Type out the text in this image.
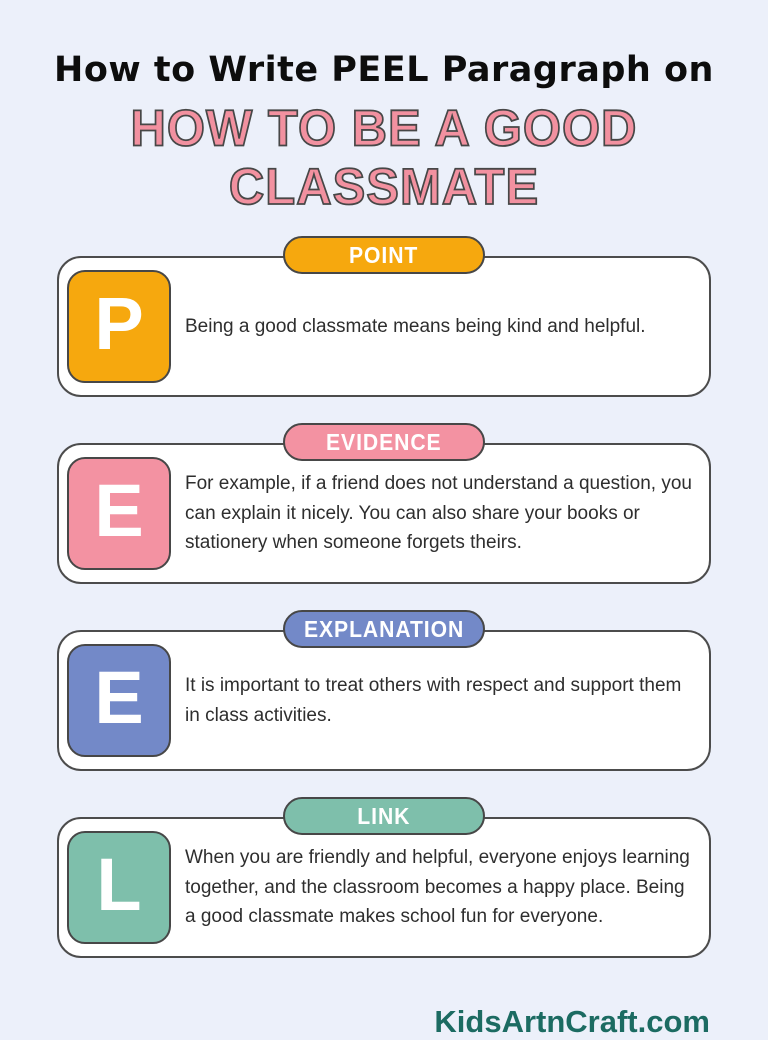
How to Write PEEL Paragraph on
HOW TO BE A GOOD CLASSMATE
POINT
P Being a good classmate means being kind and helpful.

EVIDENCE
E For example, if a friend does not understand a question, you can explain it nicely. You can also share your books or stationery when someone forgets theirs.

EXPLANATION
E It is important to treat others with respect and support them in class activities.

LINK
L When you are friendly and helpful, everyone enjoys learning together, and the classroom becomes a happy place. Being a good classmate makes school fun for everyone.

KidsArtnCraft.com
